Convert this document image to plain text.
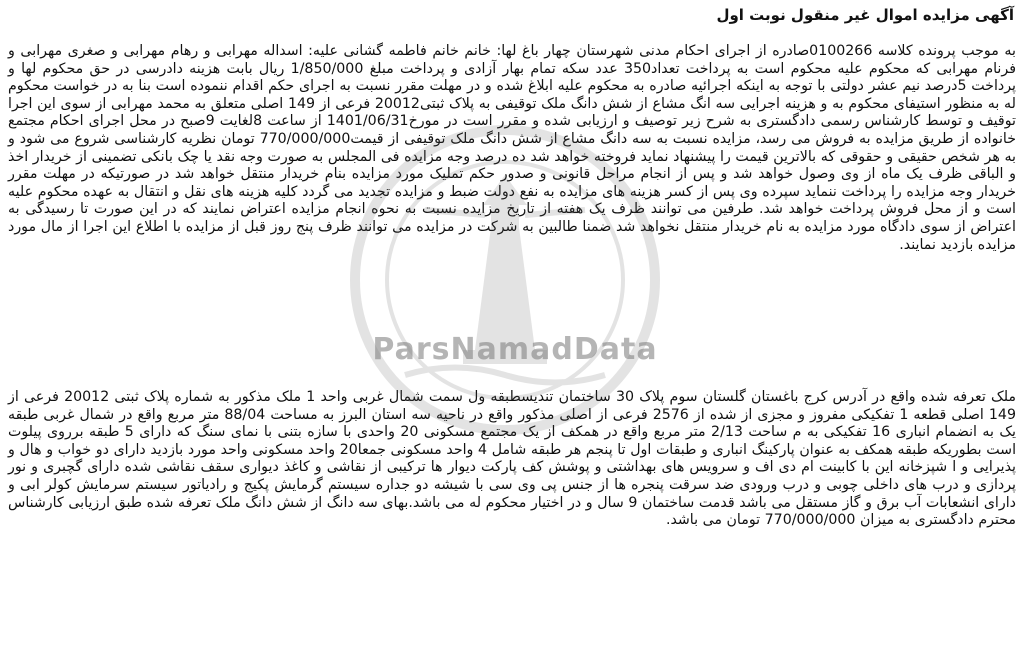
آگهی مزایده اموال غیر منقول نوبت اول

به موجب پرونده کلاسه 0100266صادره از اجرای احکام مدنی شهرستان چهار باغ لها: خانم خانم فاطمه گشانی علیه: اسداله مهرابی و رهام مهرابی و صغری مهرابی و فرنام مهرابی که محکوم علیه محکوم است به پرداخت تعداد350 عدد سکه تمام بهار آزادی و پرداخت مبلغ 1/850/000 ریال بابت هزینه دادرسی در حق محکوم لها و پرداخت 5درصد نیم عشر دولتی با توجه به اینکه اجرائیه صادره به محکوم علیه ابلاغ شده و در مهلت مقرر نسبت به اجرای حکم اقدام ننموده است بنا به در خواست محکوم له به منظور استیفای محکوم به و هزینه اجرایی سه انگ مشاع از شش دانگ ملک توقیفی به پلاک ثبتی20012 فرعی از 149 اصلی متعلق به محمد مهرابی از سوی این اجرا توقیف و توسط کارشناس رسمی دادگستری به شرح زیر توصیف و ارزیابی شده و مقرر است در مورخ1401/06/31 از ساعت 8لغایت 9صبح در محل اجرای احکام مجتمع خانواده از طریق مزایده به فروش می رسد، مزایده نسبت به سه دانگ مشاع از شش دانگ ملک توقیفی از قیمت770/000/000 تومان نظریه کارشناسی شروع می شود و به هر شخص حقیقی و حقوقی که بالاترین قیمت را پیشنهاد نماید فروخته خواهد شد ده درصد وجه مزایده فی المجلس به صورت وجه نقد یا چک بانکی تضمینی از خریدار اخذ و الباقی ظرف یک ماه از وی وصول خواهد شد و پس از انجام مراحل قانونی و صدور حکم تملیک مورد مزایده بنام خریدار منتقل خواهد شد در صورتیکه در مهلت مقرر خریدار وجه مزایده را پرداخت ننماید سپرده وی پس از کسر هزینه های مزایده به نفع دولت ضبط و مزایده تجدید می گردد کلیه هزینه های نقل و انتقال به عهده محکوم علیه است و از محل فروش پرداخت خواهد شد. طرفین می توانند ظرف یک هفته از تاریخ مزایده نسبت به نحوه انجام مزایده اعتراض نمایند که در این صورت تا رسیدگی به اعتراض از سوی دادگاه مورد مزایده به نام خریدار منتقل نخواهد شد ضمنا طالبین به شرکت در مزایده می توانند ظرف پنج روز قبل از مزایده با اطلاع این اجرا از مال مورد مزایده بازدید نمایند.

ملک تعرفه شده واقع در آدرس کرج باغستان گلستان سوم پلاک 30 ساختمان تندیسطبقه ول سمت شمال غربی واحد 1 ملک مذکور به شماره پلاک ثبتی 20012 فرعی از 149 اصلی قطعه 1 تفکیکی مفروز و مجزی از شده از 2576 فرعی از اصلی مذکور واقع در ناحیه سه استان البرز به مساحت 88/04 متر مربع واقع در شمال غربی طبقه یک به انضمام انباری 16 تفکیکی به م ساحت 2/13 متر مربع واقع در همکف از یک مجتمع مسکونی 20 واحدی با سازه بتنی با نمای سنگ که دارای 5 طبقه برروی پیلوت است بطوریکه طبقه همکف به عنوان پارکینگ انباری و طبقات اول تا پنجم هر طبقه شامل 4 واحد مسکونی جمعا20 واحد مسکونی واحد مورد بازدید دارای دو خواب و هال و پذیرایی و ا شپزخانه این با کابینت ام دی اف و سرویس های بهداشتی و پوشش کف پارکت دیوار ها ترکیبی از نقاشی و کاغذ دیواری سقف نقاشی شده دارای گچبری و نور پردازی و درب های داخلی چوبی و درب ورودی ضد سرقت پنجره ها از جنس پی وی سی با شیشه دو جداره سیستم گرمایش پکیج و رادیاتور سیستم سرمایش کولر ابی و دارای انشعابات آب برق و گاز مستقل می باشد قدمت ساختمان 9 سال و در اختیار محکوم له می باشد.بهای سه دانگ از شش دانگ ملک تعرفه شده طبق ارزیابی کارشناس محترم دادگستری به میزان 770/000/000 تومان می باشد.

ParsNamadData
